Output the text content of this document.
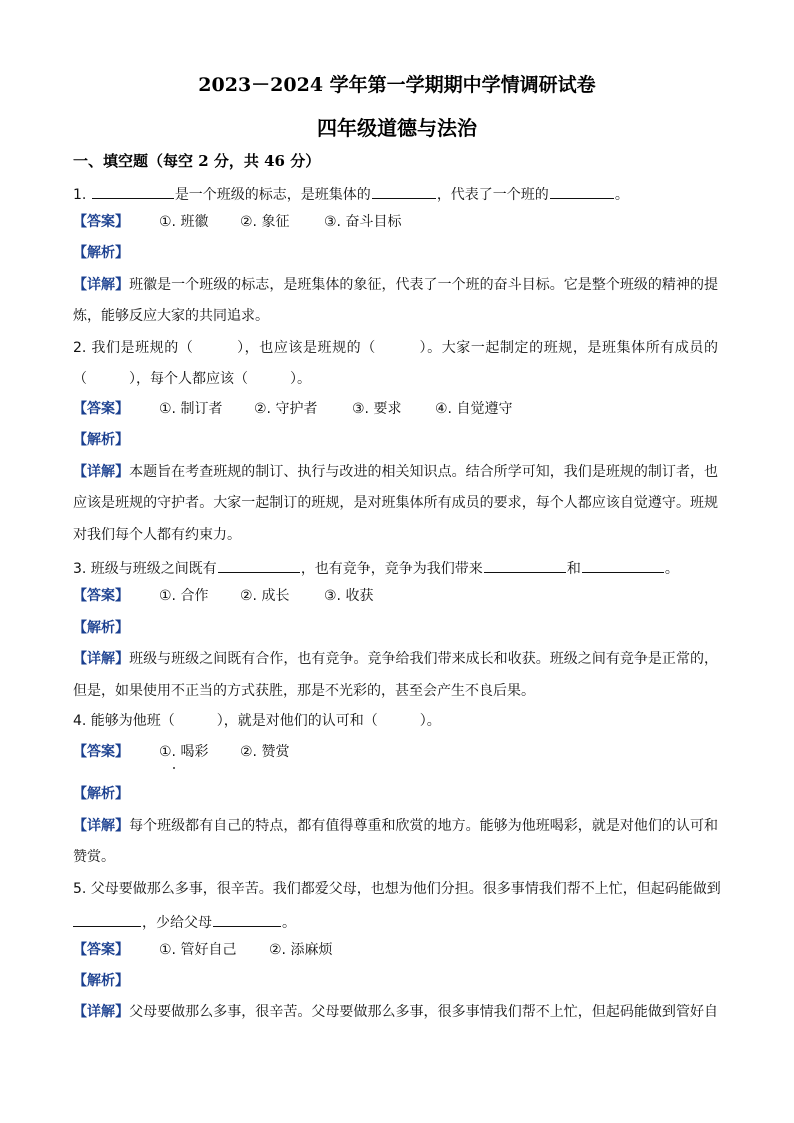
2023－2024 学年第一学期期中学情调研试卷
四年级道德与法治
一、填空题（每空 2 分，共 46 分）
1.	是一个班级的标志，是班集体的	，代表了一个班的	。
【答案】 ①. 班徽 ②. 象征 ③. 奋斗目标
【解析】
【详解】班徽是一个班级的标志，是班集体的象征，代表了一个班的奋斗目标。它是整个班级的精神的提
炼，能够反应大家的共同追求。
2. 我们是班规的（　　　），也应该是班规的（　　　）。大家一起制定的班规，是班集体所有成员的
（　　　），每个人都应该（　　　）。
【答案】 ①. 制订者 ②. 守护者 ③. 要求 ④. 自觉遵守
【解析】
【详解】本题旨在考查班规的制订、执行与改进的相关知识点。结合所学可知，我们是班规的制订者，也
应该是班规的守护者。大家一起制订的班规，是对班集体所有成员的要求，每个人都应该自觉遵守。班规
对我们每个人都有约束力。
3. 班级与班级之间既有	，也有竞争，竞争为我们带来	和	。
【答案】 ①. 合作 ②. 成长 ③. 收获
【解析】
【详解】班级与班级之间既有合作，也有竞争。竞争给我们带来成长和收获。班级之间有竞争是正常的，
但是，如果使用不正当的方式获胜，那是不光彩的，甚至会产生不良后果。
4. 能够为他班（　　　），就是对他们的认可和（　　　）。
【答案】 ①. 喝彩 ②. 赞赏
【解析】
【详解】每个班级都有自己的特点，都有值得尊重和欣赏的地方。能够为他班喝彩，就是对他们的认可和
赞赏。
5. 父母要做那么多事，很辛苦。我们都爱父母，也想为他们分担。很多事情我们帮不上忙，但起码能做到
，少给父母	。
【答案】 ①. 管好自己 ②. 添麻烦
【解析】
【详解】父母要做那么多事，很辛苦。父母要做那么多事，很多事情我们帮不上忙，但起码能做到管好自
